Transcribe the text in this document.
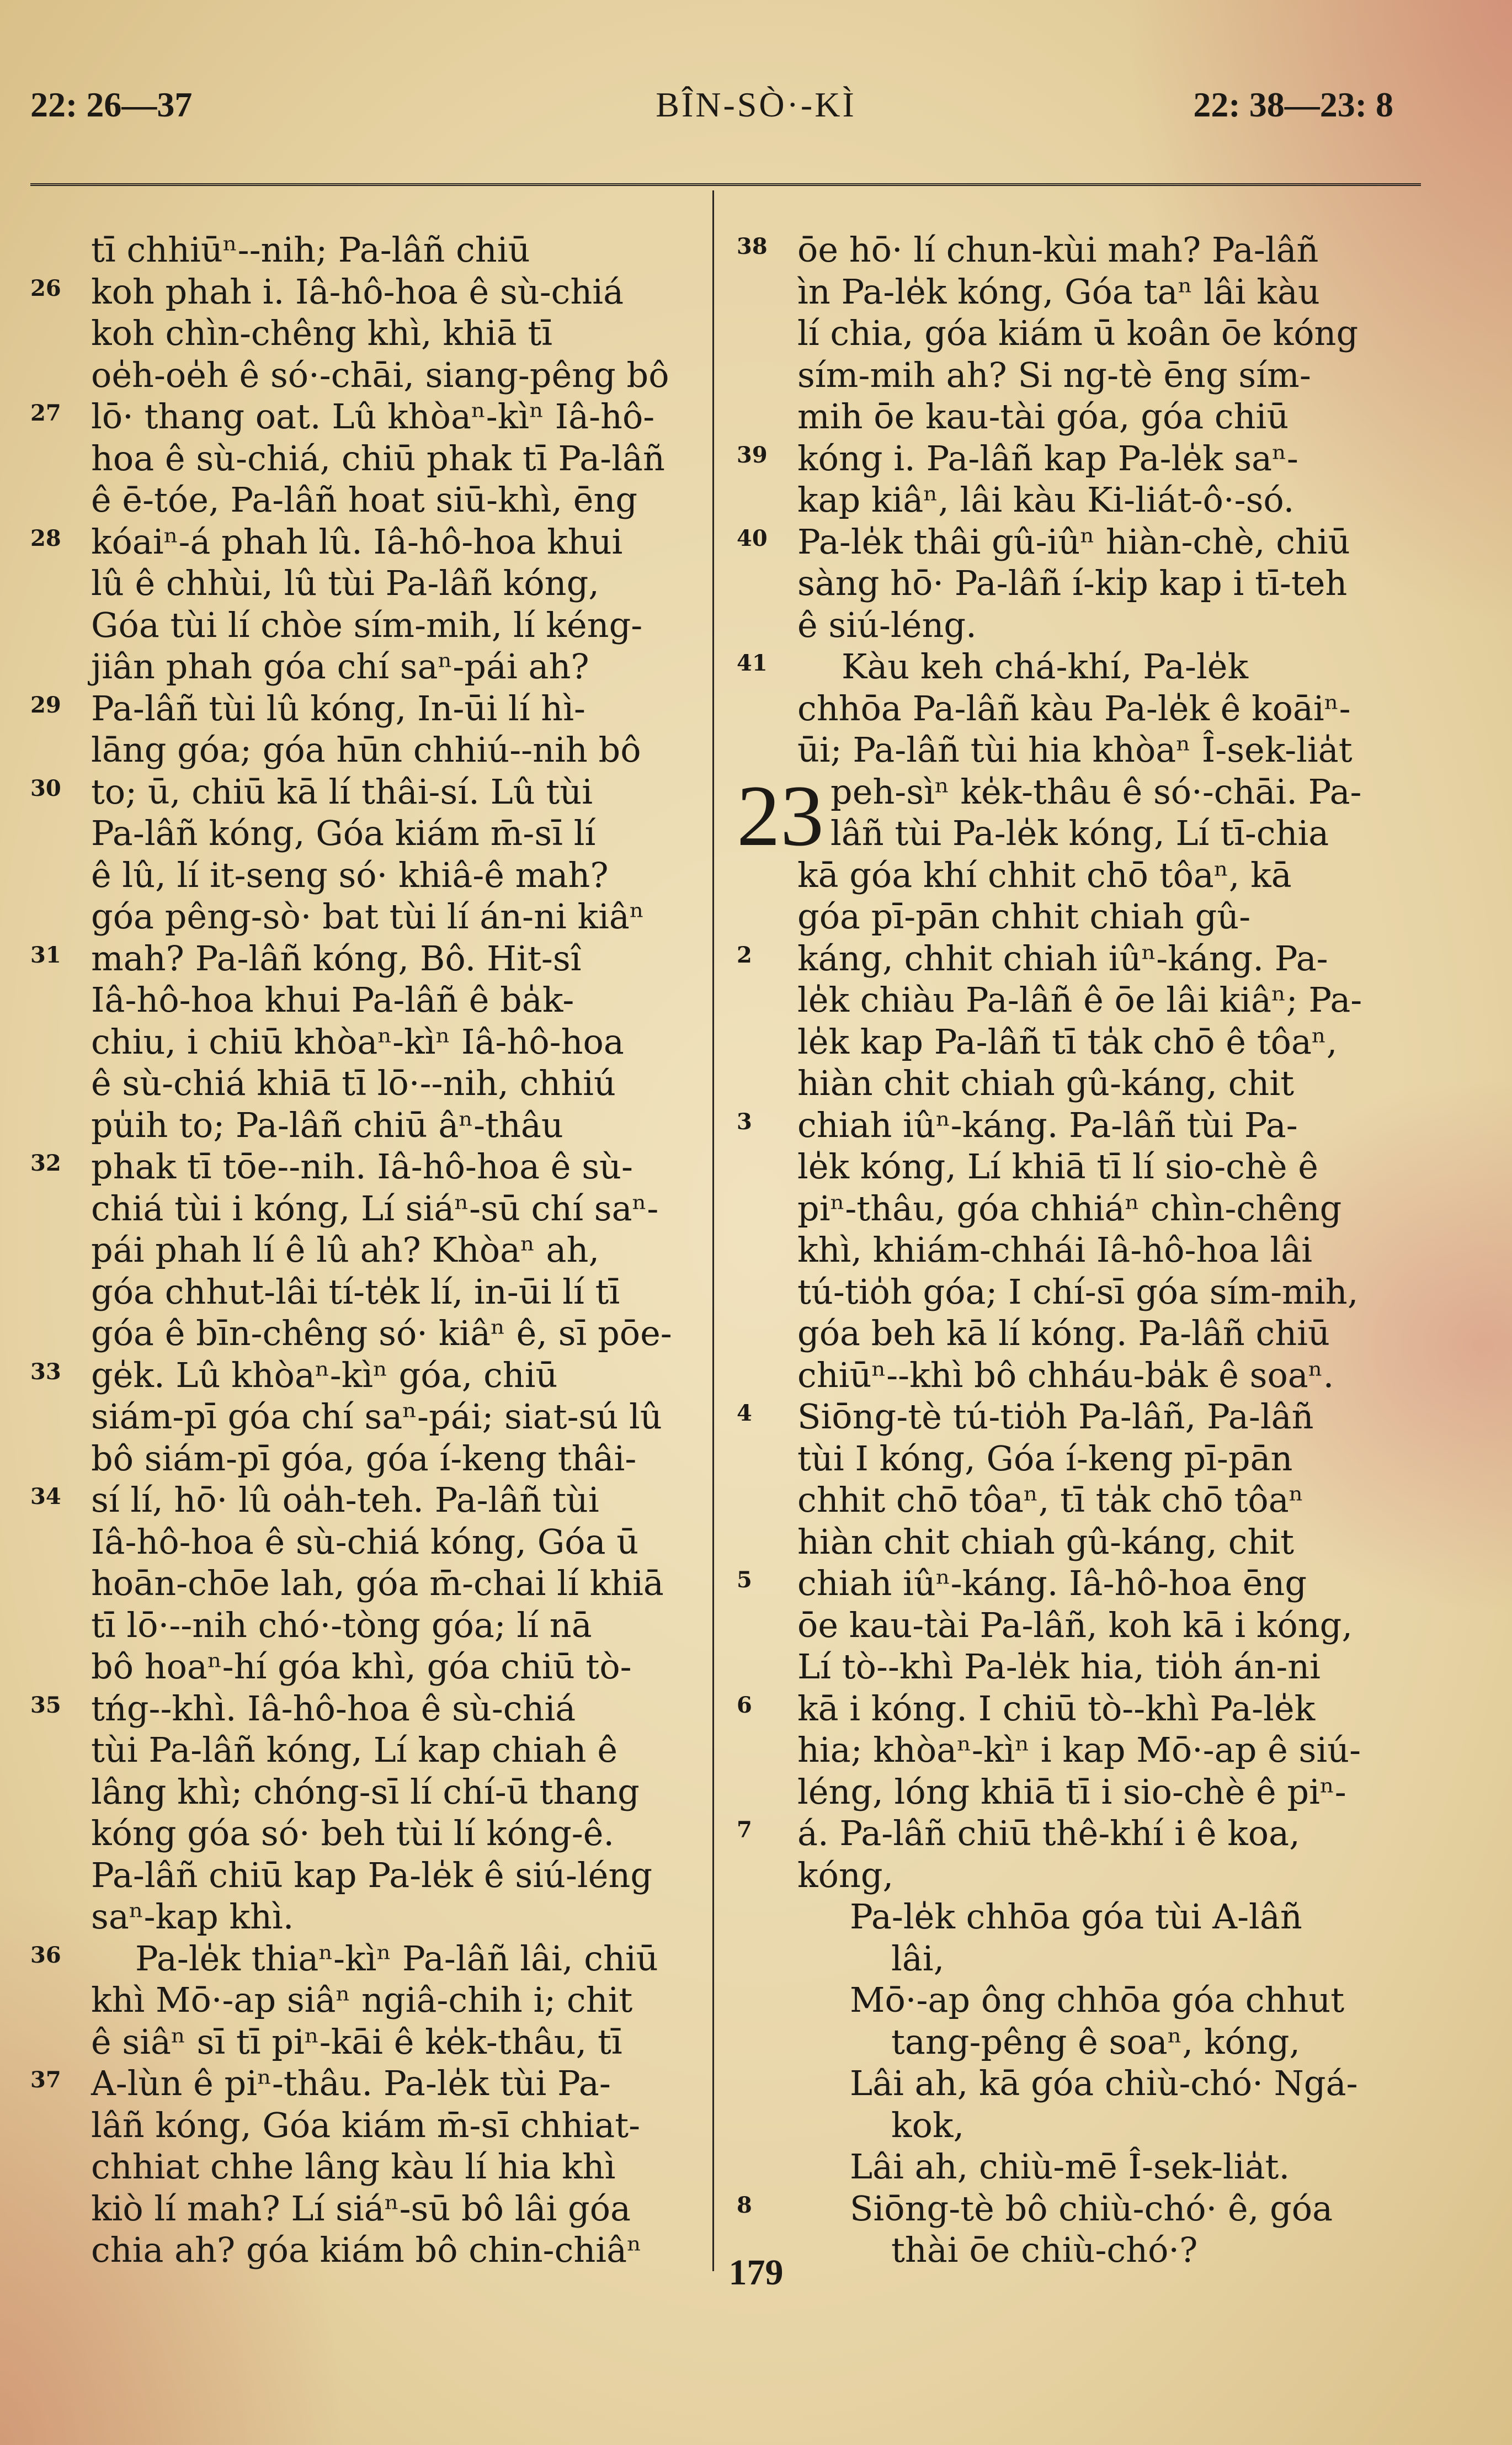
22: 26—37	BÎN-SÒ·-KÌ	22: 38—23: 8
tī chhiūⁿ--nih; Pa-lâñ chiū
26 koh phah i. Iâ-hô-hoa ê sù-chiá
koh chìn-chêng khì, khiā tī
oe̍h-oe̍h ê só·-chāi, siang-pêng bô
27 lō· thang oat. Lû khòaⁿ-kìⁿ Iâ-hô-
hoa ê sù-chiá, chiū phak tī Pa-lâñ
ê ē-tóe, Pa-lâñ hoat siū-khì, ēng
28 kóaiⁿ-á phah lû. Iâ-hô-hoa khui
lû ê chhùi, lû tùi Pa-lâñ kóng,
Góa tùi lí chòe sím-mih, lí kéng-
jiân phah góa chí saⁿ-pái ah?
29 Pa-lâñ tùi lû kóng, In-ūi lí hì-
lāng góa; góa hūn chhiú--nih bô
30 to; ū, chiū kā lí thâi-sí. Lû tùi
Pa-lâñ kóng, Góa kiám m̄-sī lí
ê lû, lí it-seng só· khiâ-ê mah?
góa pêng-sò· bat tùi lí án-ni kiâⁿ
31 mah? Pa-lâñ kóng, Bô. Hit-sî
Iâ-hô-hoa khui Pa-lâñ ê ba̍k-
chiu, i chiū khòaⁿ-kìⁿ Iâ-hô-hoa
ê sù-chiá khiā tī lō·--nih, chhiú
pu̍ih to; Pa-lâñ chiū âⁿ-thâu
32 phak tī tōe--nih. Iâ-hô-hoa ê sù-
chiá tùi i kóng, Lí siáⁿ-sū chí saⁿ-
pái phah lí ê lû ah? Khòaⁿ ah,
góa chhut-lâi tí-te̍k lí, in-ūi lí tī
góa ê bīn-chêng só· kiâⁿ ê, sī pōe-
33 ge̍k. Lû khòaⁿ-kìⁿ góa, chiū
siám-pī góa chí saⁿ-pái; siat-sú lû
bô siám-pī góa, góa í-keng thâi-
34 sí lí, hō· lû oa̍h-teh. Pa-lâñ tùi
Iâ-hô-hoa ê sù-chiá kóng, Góa ū
hoān-chōe lah, góa m̄-chai lí khiā
tī lō·--nih chó·-tòng góa; lí nā
bô hoaⁿ-hí góa khì, góa chiū tò-
35 tńg--khì. Iâ-hô-hoa ê sù-chiá
tùi Pa-lâñ kóng, Lí kap chiah ê
lâng khì; chóng-sī lí chí-ū thang
kóng góa só· beh tùi lí kóng-ê.
Pa-lâñ chiū kap Pa-le̍k ê siú-léng
saⁿ-kap khì.
36 Pa-le̍k thiaⁿ-kìⁿ Pa-lâñ lâi, chiū
khì Mō·-ap siâⁿ ngiâ-chih i; chit
ê siâⁿ sī tī piⁿ-kāi ê ke̍k-thâu, tī
37 A-lùn ê piⁿ-thâu. Pa-le̍k tùi Pa-
lâñ kóng, Góa kiám m̄-sī chhiat-
chhiat chhe lâng kàu lí hia khì
kiò lí mah? Lí siáⁿ-sū bô lâi góa
chia ah? góa kiám bô chin-chiâⁿ
38 ōe hō· lí chun-kùi mah? Pa-lâñ
ìn Pa-le̍k kóng, Góa taⁿ lâi kàu
lí chia, góa kiám ū koân ōe kóng
sím-mih ah? Si ng-tè ēng sím-
mih ōe kau-tài góa, góa chiū
39 kóng i. Pa-lâñ kap Pa-le̍k saⁿ-
kap kiâⁿ, lâi kàu Ki-liát-ô·-só.
40 Pa-le̍k thâi gû-iûⁿ hiàn-chè, chiū
sàng hō· Pa-lâñ í-ki̍p kap i tī-teh
ê siú-léng.
41 Kàu keh chá-khí, Pa-le̍k
chhōa Pa-lâñ kàu Pa-le̍k ê koāiⁿ-
ūi; Pa-lâñ tùi hia khòaⁿ Î-sek-lia̍t
peh-sìⁿ ke̍k-thâu ê só·-chāi. Pa-
lâñ tùi Pa-le̍k kóng, Lí tī-chia
kā góa khí chhit chō tôaⁿ, kā
góa pī-pān chhit chiah gû-
2 káng, chhit chiah iûⁿ-káng. Pa-
le̍k chiàu Pa-lâñ ê ōe lâi kiâⁿ; Pa-
le̍k kap Pa-lâñ tī ta̍k chō ê tôaⁿ,
hiàn chit chiah gû-káng, chit
3 chiah iûⁿ-káng. Pa-lâñ tùi Pa-
le̍k kóng, Lí khiā tī lí sio-chè ê
piⁿ-thâu, góa chhiáⁿ chìn-chêng
khì, khiám-chhái Iâ-hô-hoa lâi
tú-tio̍h góa; I chí-sī góa sím-mih,
góa beh kā lí kóng. Pa-lâñ chiū
chiūⁿ--khì bô chháu-ba̍k ê soaⁿ.
4 Siōng-tè tú-tio̍h Pa-lâñ, Pa-lâñ
tùi I kóng, Góa í-keng pī-pān
chhit chō tôaⁿ, tī ta̍k chō tôaⁿ
hiàn chit chiah gû-káng, chit
5 chiah iûⁿ-káng. Iâ-hô-hoa ēng
ōe kau-tài Pa-lâñ, koh kā i kóng,
Lí tò--khì Pa-le̍k hia, tio̍h án-ni
6 kā i kóng. I chiū tò--khì Pa-le̍k
hia; khòaⁿ-kìⁿ i kap Mō·-ap ê siú-
léng, lóng khiā tī i sio-chè ê piⁿ-
7 á. Pa-lâñ chiū thê-khí i ê koa,
kóng,
Pa-le̍k chhōa góa tùi A-lâñ
lâi,
Mō·-ap ông chhōa góa chhut
tang-pêng ê soaⁿ, kóng,
Lâi ah, kā góa chiù-chó· Ngá-
kok,
Lâi ah, chiù-mē Î-sek-lia̍t.
8	Siōng-tè bô chiù-chó· ê, góa
thài ōe chiù-chó·?
23
179
